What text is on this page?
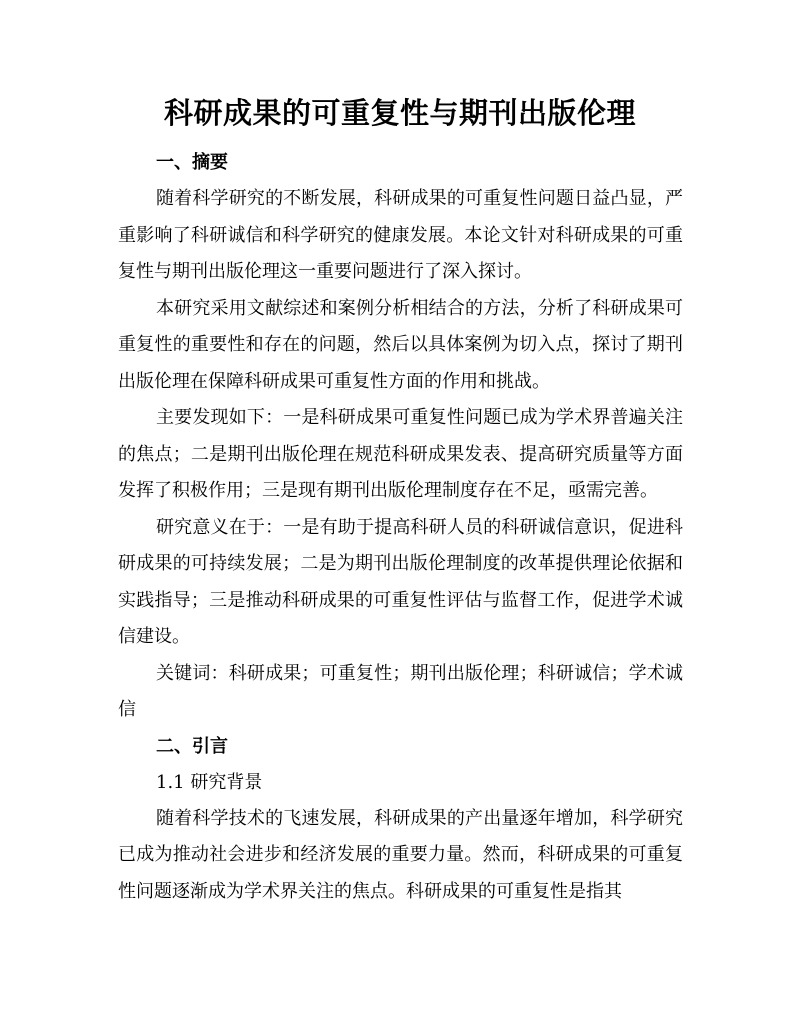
科研成果的可重复性与期刊出版伦理

一、摘要

随着科学研究的不断发展，科研成果的可重复性问题日益凸显，严重影响了科研诚信和科学研究的健康发展。本论文针对科研成果的可重复性与期刊出版伦理这一重要问题进行了深入探讨。

本研究采用文献综述和案例分析相结合的方法，分析了科研成果可重复性的重要性和存在的问题，然后以具体案例为切入点，探讨了期刊出版伦理在保障科研成果可重复性方面的作用和挑战。

主要发现如下：一是科研成果可重复性问题已成为学术界普遍关注的焦点；二是期刊出版伦理在规范科研成果发表、提高研究质量等方面发挥了积极作用；三是现有期刊出版伦理制度存在不足，亟需完善。

研究意义在于：一是有助于提高科研人员的科研诚信意识，促进科研成果的可持续发展；二是为期刊出版伦理制度的改革提供理论依据和实践指导；三是推动科研成果的可重复性评估与监督工作，促进学术诚信建设。

关键词：科研成果；可重复性；期刊出版伦理；科研诚信；学术诚信

二、引言

1.1 研究背景

随着科学技术的飞速发展，科研成果的产出量逐年增加，科学研究已成为推动社会进步和经济发展的重要力量。然而，科研成果的可重复性问题逐渐成为学术界关注的焦点。科研成果的可重复性是指其
